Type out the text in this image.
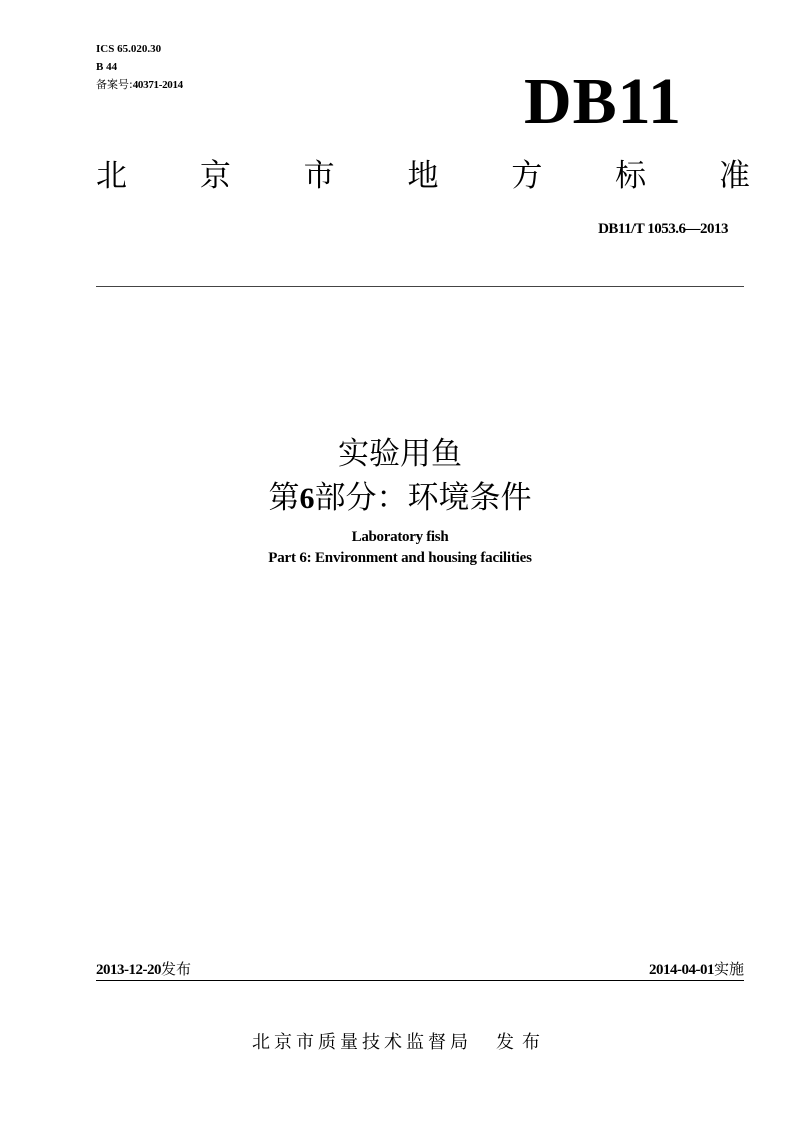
ICS 65.020.30
B 44
备案号:40371-2014	DB11
北 京 市 地 方 标 准
DB11/T 1053.6—2013
实验用鱼
第6部分：环境条件
Laboratory fish
Part 6: Environment and housing facilities
2013-12-20发布	2014-04-01实施
北京市质量技术监督局 发布
